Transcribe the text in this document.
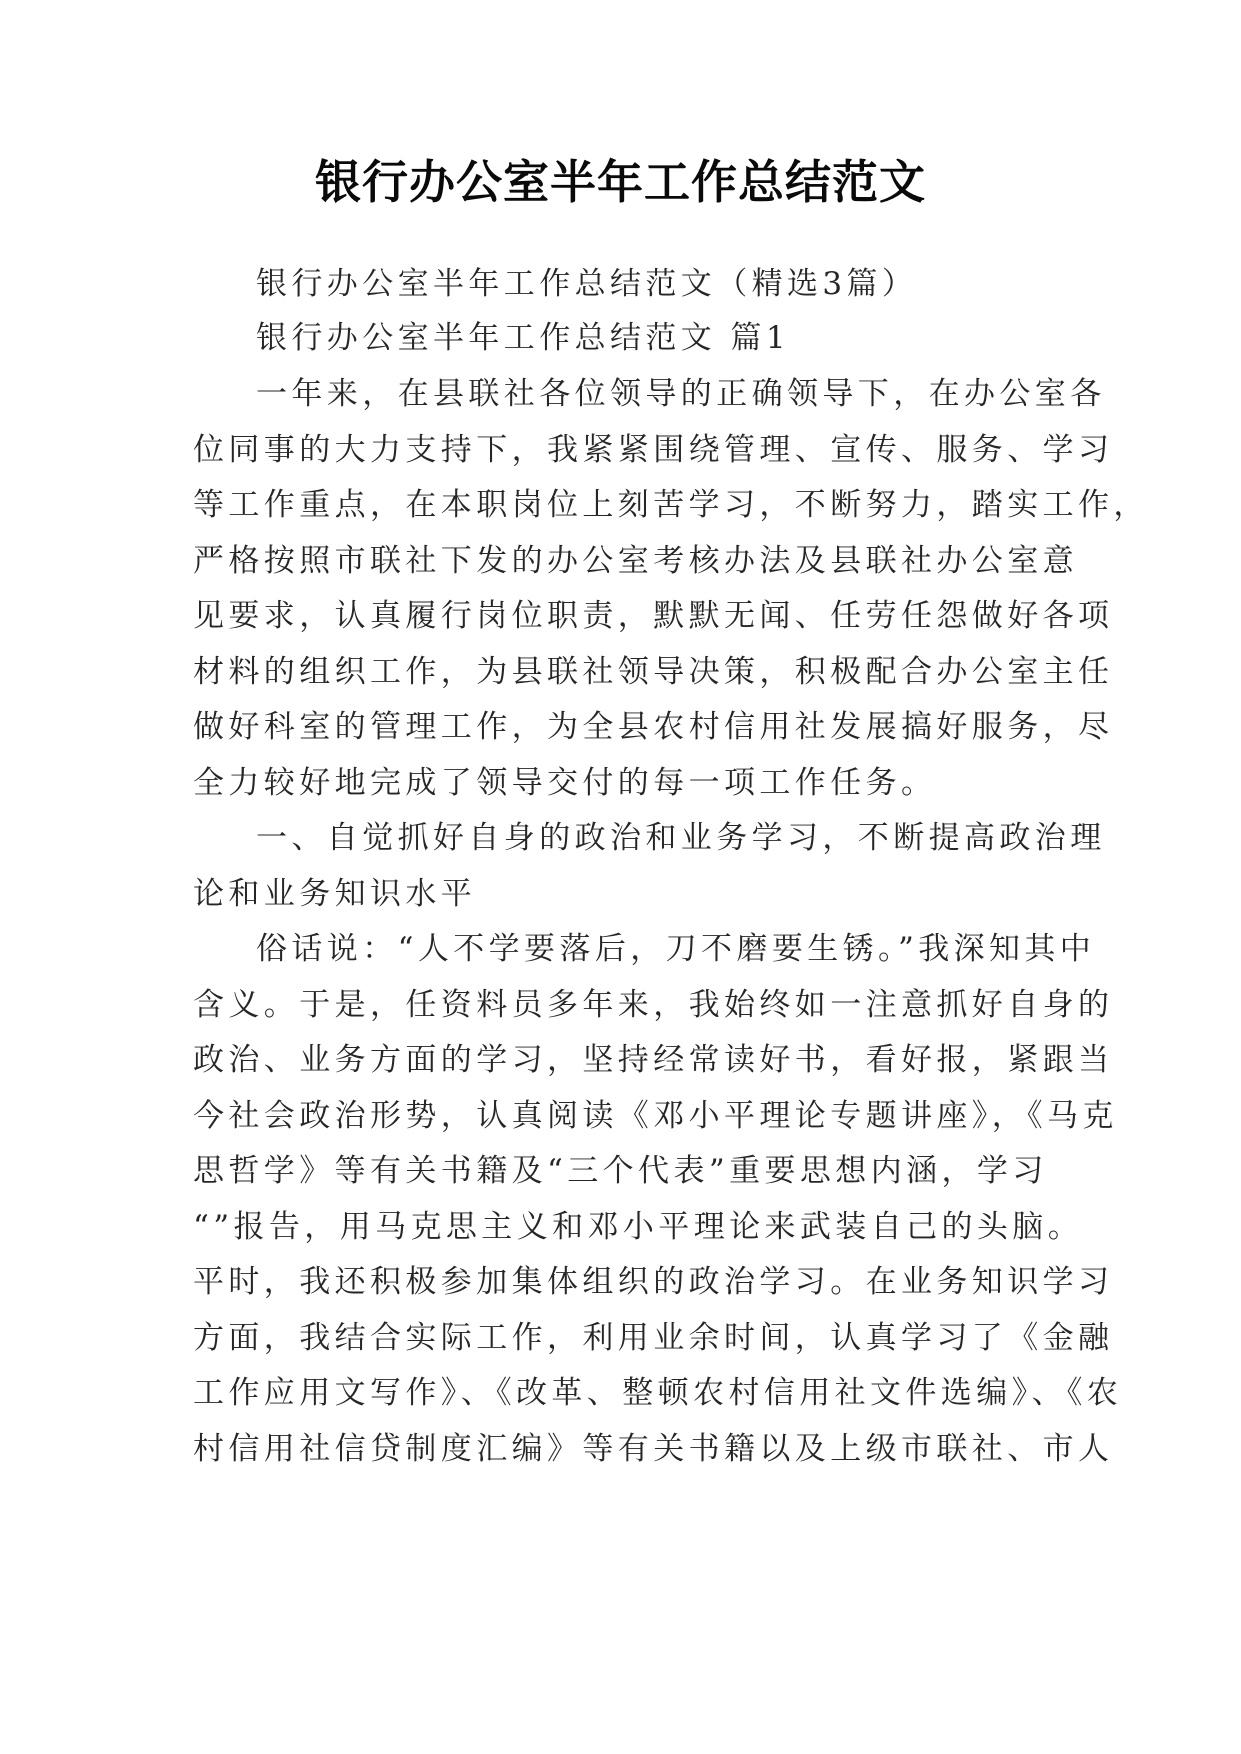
银行办公室半年工作总结范文
银行办公室半年工作总结范文（精选3篇）
银行办公室半年工作总结范文 篇1
一年来，在县联社各位领导的正确领导下，在办公室各
位同事的大力支持下，我紧紧围绕管理、宣传、服务、学习
等工作重点，在本职岗位上刻苦学习，不断努力，踏实工作，
严格按照市联社下发的办公室考核办法及县联社办公室意
见要求，认真履行岗位职责，默默无闻、任劳任怨做好各项
材料的组织工作，为县联社领导决策，积极配合办公室主任
做好科室的管理工作，为全县农村信用社发展搞好服务，尽
全力较好地完成了领导交付的每一项工作任务。
一、自觉抓好自身的政治和业务学习，不断提高政治理
论和业务知识水平
俗话说：“人不学要落后，刀不磨要生锈。”我深知其中
含义。于是，任资料员多年来，我始终如一注意抓好自身的
政治、业务方面的学习，坚持经常读好书，看好报，紧跟当
今社会政治形势，认真阅读《邓小平理论专题讲座》，《马克
思哲学》等有关书籍及“三个代表”重要思想内涵，学习
“”报告，用马克思主义和邓小平理论来武装自己的头脑。
平时，我还积极参加集体组织的政治学习。在业务知识学习
方面，我结合实际工作，利用业余时间，认真学习了《金融
工作应用文写作》、《改革、整顿农村信用社文件选编》、《农
村信用社信贷制度汇编》等有关书籍以及上级市联社、市人
